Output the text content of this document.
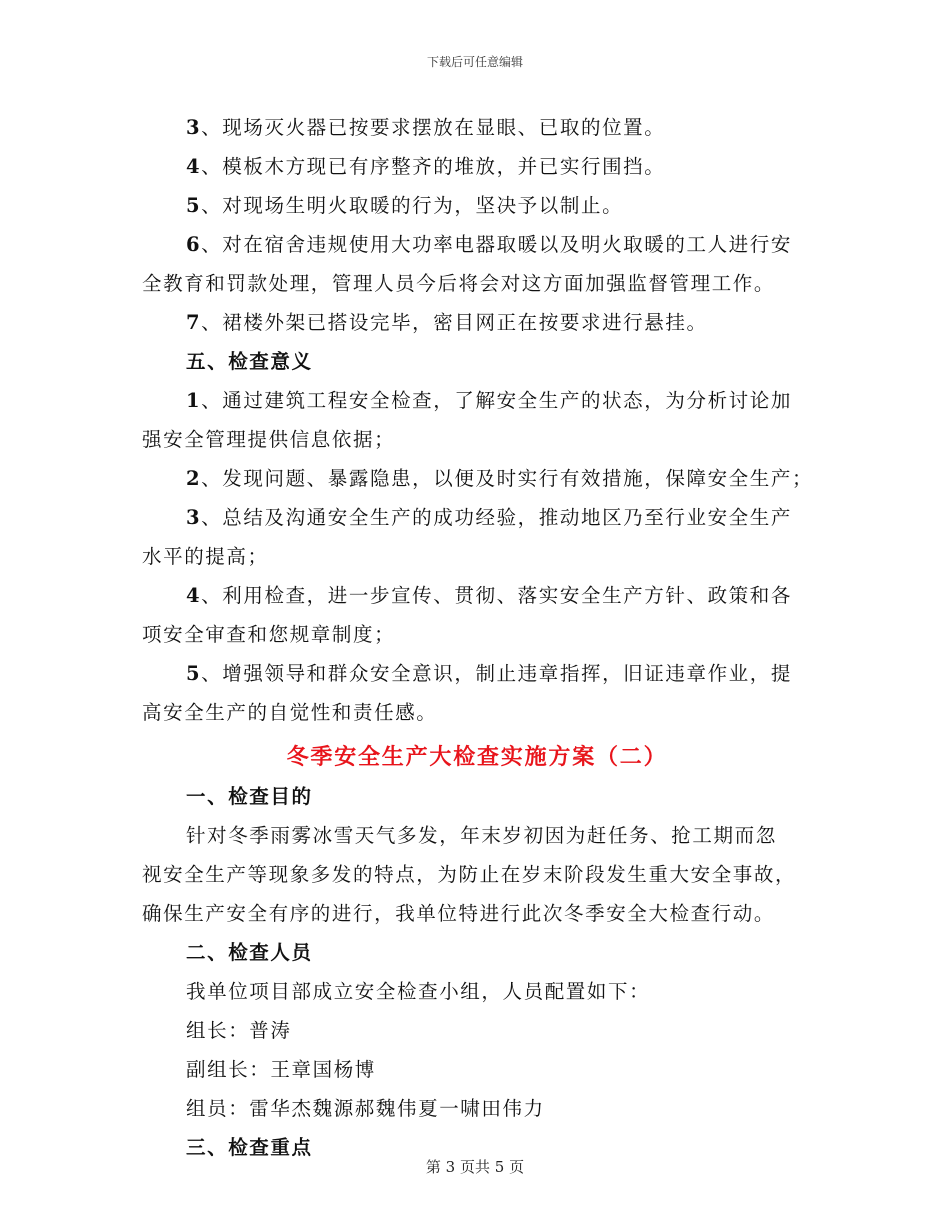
下载后可任意编辑

3、现场灭火器已按要求摆放在显眼、已取的位置。

4、模板木方现已有序整齐的堆放，并已实行围挡。

5、对现场生明火取暖的行为，坚决予以制止。

6、对在宿舍违规使用大功率电器取暖以及明火取暖的工人进行安

全教育和罚款处理，管理人员今后将会对这方面加强监督管理工作。

7、裙楼外架已搭设完毕，密目网正在按要求进行悬挂。

五、检查意义

1、通过建筑工程安全检查，了解安全生产的状态，为分析讨论加

强安全管理提供信息依据；

2、发现问题、暴露隐患，以便及时实行有效措施，保障安全生产；

3、总结及沟通安全生产的成功经验，推动地区乃至行业安全生产

水平的提高；

4、利用检查，进一步宣传、贯彻、落实安全生产方针、政策和各

项安全审查和您规章制度；

5、增强领导和群众安全意识，制止违章指挥，旧证违章作业，提

高安全生产的自觉性和责任感。

冬季安全生产大检查实施方案（二）

一、检查目的

针对冬季雨雾冰雪天气多发，年末岁初因为赶任务、抢工期而忽

视安全生产等现象多发的特点，为防止在岁末阶段发生重大安全事故，

确保生产安全有序的进行，我单位特进行此次冬季安全大检查行动。

二、检查人员

我单位项目部成立安全检查小组，人员配置如下：

组长：普涛

副组长：王章国杨博

组员：雷华杰魏源郝魏伟夏一啸田伟力

三、检查重点

第 3 页共 5 页
